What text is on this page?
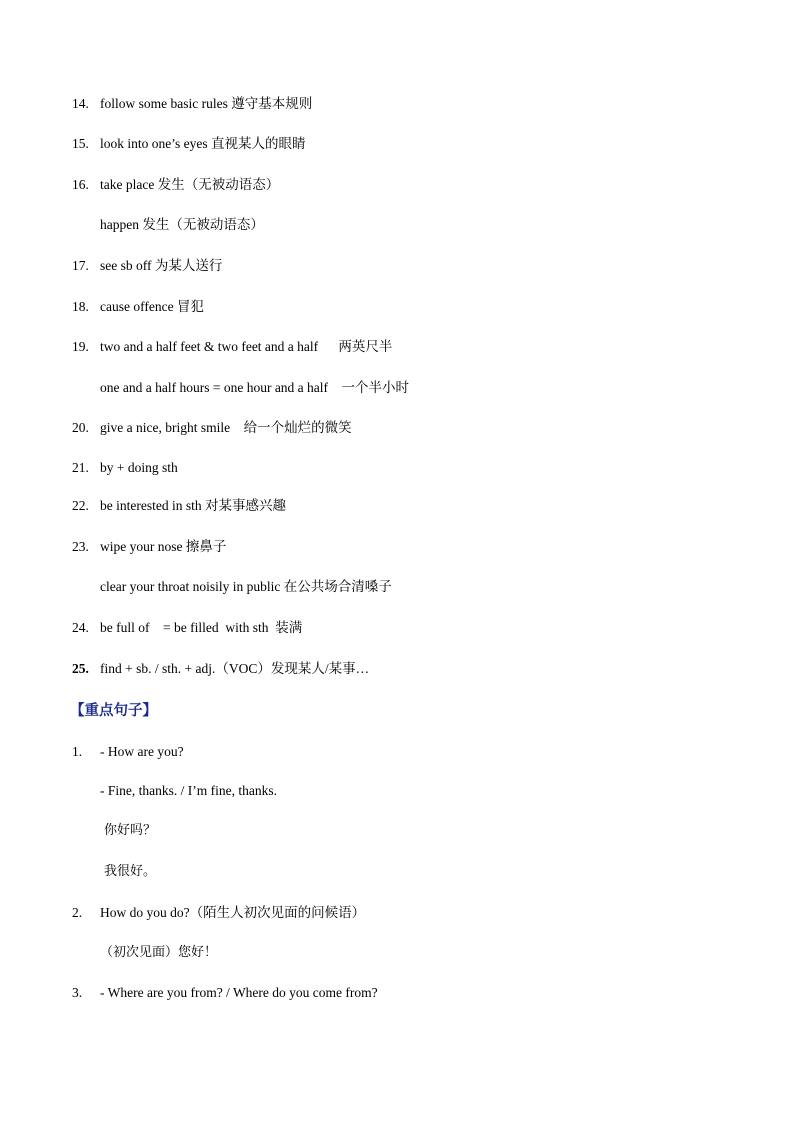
14. follow some basic rules 遵守基本规则
15. look into one’s eyes 直视某人的眼睛
16. take place 发生（无被动语态）
happen 发生（无被动语态）
17. see sb off 为某人送行
18. cause offence 冒犯
19. two and a half feet & two feet and a half      两英尺半
one and a half hours = one hour and a half    一个半小时
20. give a nice, bright smile    给一个灿烂的微笑
21. by + doing sth
22. be interested in sth 对某事感兴趣
23. wipe your nose 擦鼻子
clear your throat noisily in public 在公共场合清嗓子
24. be full of    = be filled  with sth  装满
25. find + sb. / sth. + adj.（VOC）发现某人/某事…
【重点句子】
1.	- How are you?
- Fine, thanks. / I’m fine, thanks.
你好吗？
我很好。
2.	How do you do?（陌生人初次见面的问候语）
（初次见面）您好！
3.	- Where are you from? / Where do you come from?
